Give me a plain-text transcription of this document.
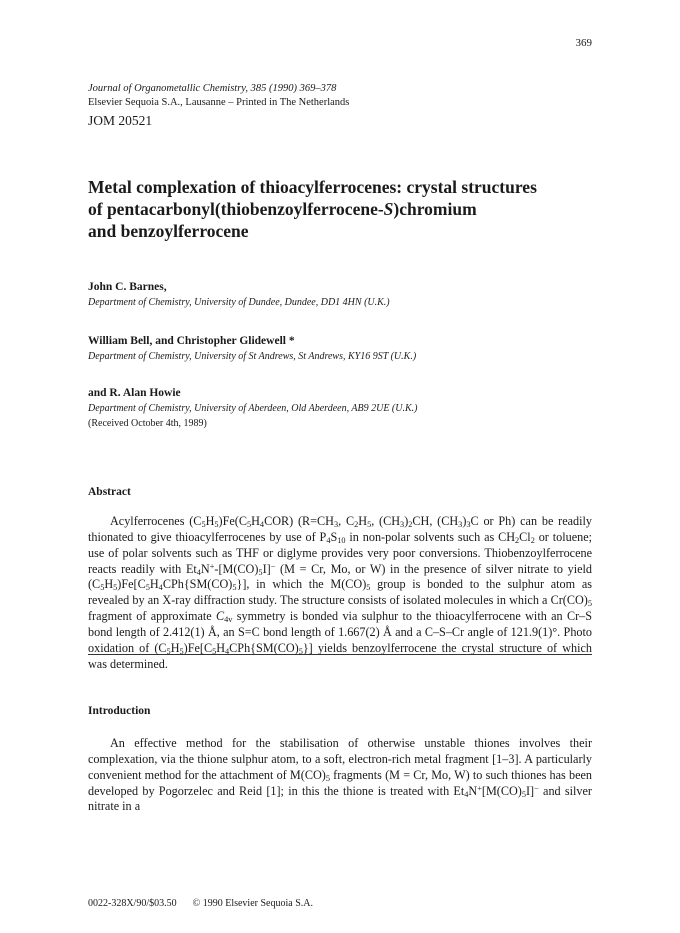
369
Journal of Organometallic Chemistry, 385 (1990) 369–378
Elsevier Sequoia S.A., Lausanne – Printed in The Netherlands
JOM 20521
Metal complexation of thioacylferrocenes: crystal structures
of pentacarbonyl(thiobenzoylferrocene-S)chromium
and benzoylferrocene
John C. Barnes,
Department of Chemistry, University of Dundee, Dundee, DD1 4HN (U.K.)
William Bell, and Christopher Glidewell *
Department of Chemistry, University of St Andrews, St Andrews, KY16 9ST (U.K.)
and R. Alan Howie
Department of Chemistry, University of Aberdeen, Old Aberdeen, AB9 2UE (U.K.)
(Received October 4th, 1989)
Abstract

Acylferrocenes $(C_5H_5)Fe(C_5H_4COR)$ ($R=CH_3$, $C_2H_5$, $(CH_3)_2CH$, $(CH_3)_3C$ or Ph) can be readily thionated to give thioacylferrocenes by use of $P_4S_{10}$ in non-polar solvents such as $CH_2Cl_2$ or toluene; use of polar solvents such as THF or diglyme provides very poor conversions. Thiobenzoylferrocene reacts readily with $Et_4N^+-[M(CO)_5I]^-$ (M = Cr, Mo, or W) in the presence of silver nitrate to yield $(C_5H_5)Fe[C_5H_4CPh\{SM(CO)_5\}]$, in which the $M(CO)_5$ group is bonded to the sulphur atom as revealed by an X-ray diffraction study. The structure consists of isolated molecules in which a $Cr(CO)_5$ fragment of approximate $C_{4v}$ symmetry is bonded via sulphur to the thioacylferrocene with an Cr–S bond length of 2.412(1) Å, an S=C bond length of 1.667(2) Å and a C–S–Cr angle of 121.9(1)°. Photo oxidation of $(C_5H_5)Fe[C_5H_4CPh\{SM(CO)_5\}]$ yields benzoylferrocene the crystal structure of which was determined.

Introduction

An effective method for the stabilisation of otherwise unstable thiones involves their complexation, via the thione sulphur atom, to a soft, electron-rich metal fragment [1–3]. A particularly convenient method for the attachment of $M(CO)_5$ fragments (M = Cr, Mo, W) to such thiones has been developed by Pogorzelec and Reid [1]; in this the thione is treated with $Et_4N^+[M(CO)_5I]^-$ and silver nitrate in a

0022-328X/90/$03.50 © 1990 Elsevier Sequoia S.A.
